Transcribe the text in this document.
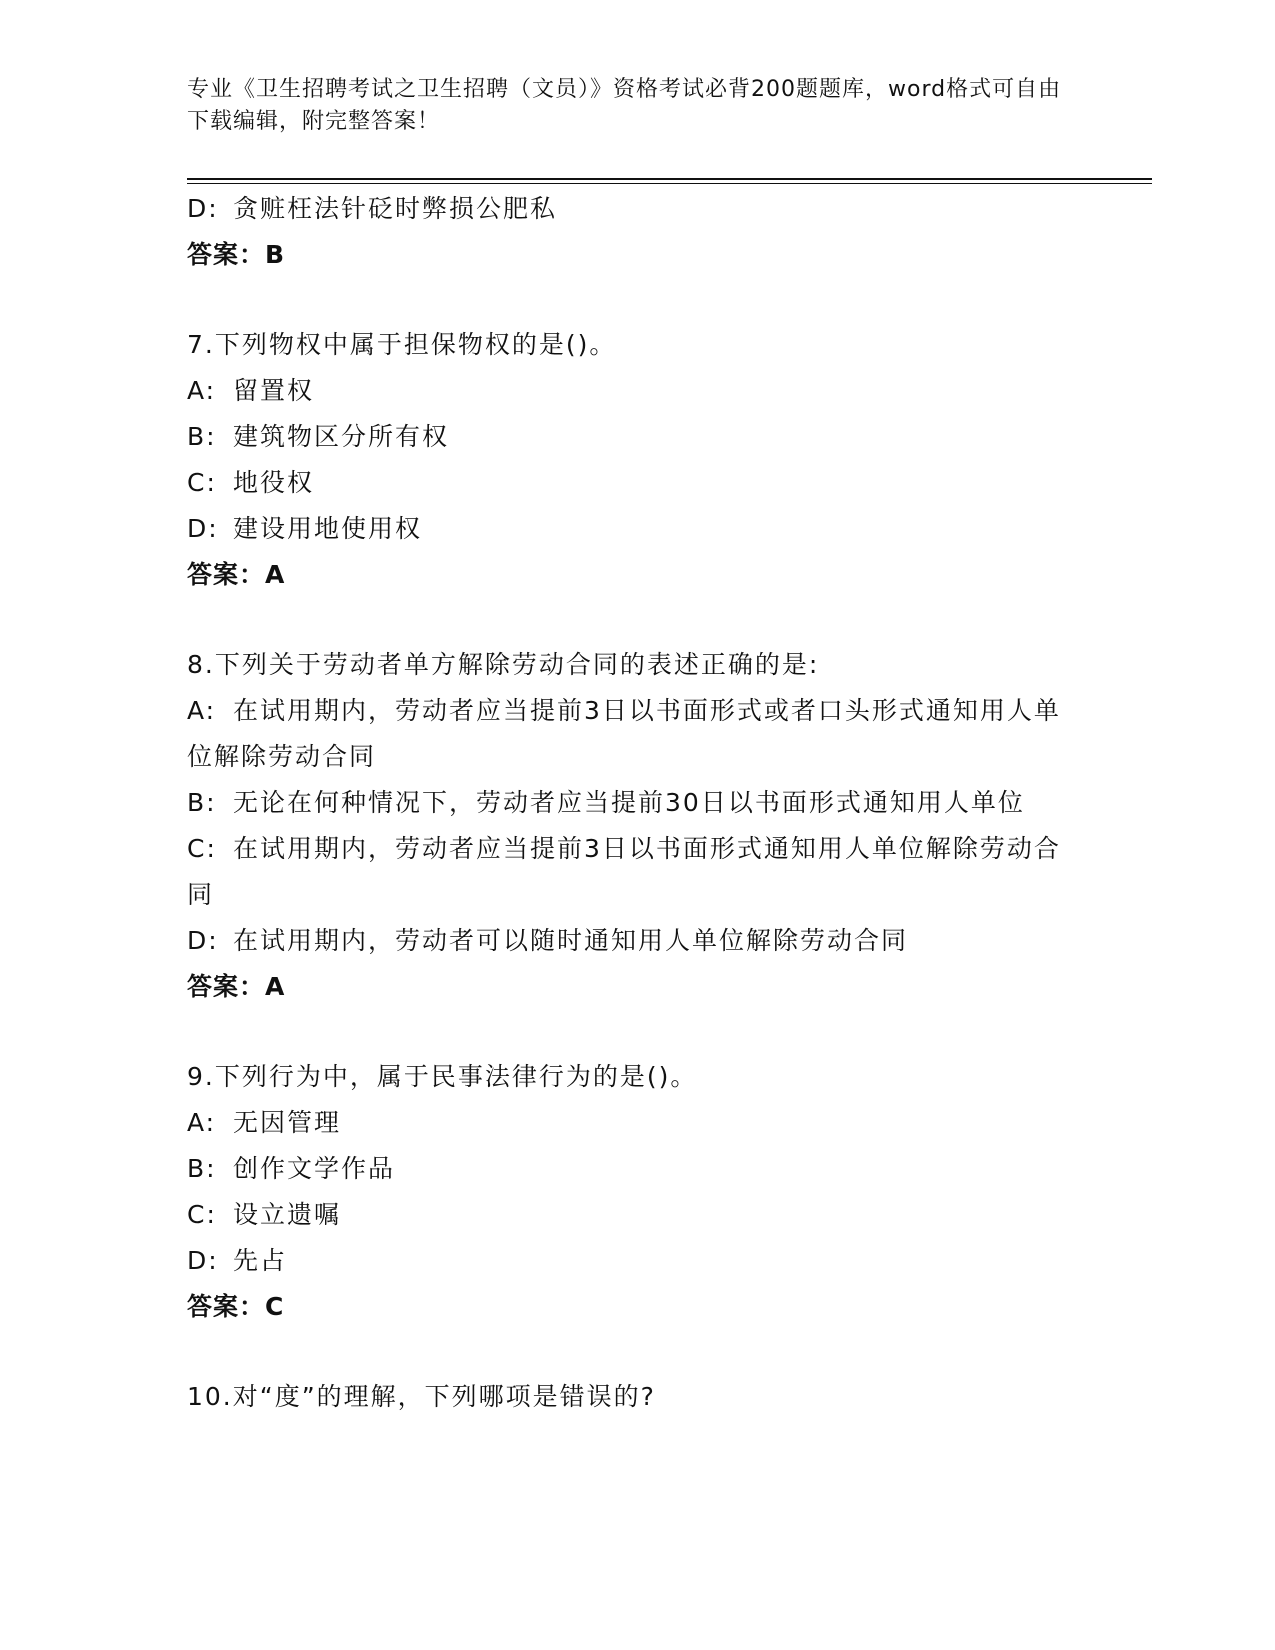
专业《卫生招聘考试之卫生招聘（文员）》资格考试必背200题题库，word格式可自由下载编辑，附完整答案！
D: 贪赃枉法针砭时弊损公肥私
答案：B
7.下列物权中属于担保物权的是()。
A: 留置权
B: 建筑物区分所有权
C: 地役权
D: 建设用地使用权
答案：A
8.下列关于劳动者单方解除劳动合同的表述正确的是:
A: 在试用期内，劳动者应当提前3日以书面形式或者口头形式通知用人单位解除劳动合同
B: 无论在何种情况下，劳动者应当提前30日以书面形式通知用人单位
C: 在试用期内，劳动者应当提前3日以书面形式通知用人单位解除劳动合同
D: 在试用期内，劳动者可以随时通知用人单位解除劳动合同
答案：A
9.下列行为中，属于民事法律行为的是()。
A: 无因管理
B: 创作文学作品
C: 设立遗嘱
D: 先占
答案：C
10.对“度”的理解，下列哪项是错误的?
